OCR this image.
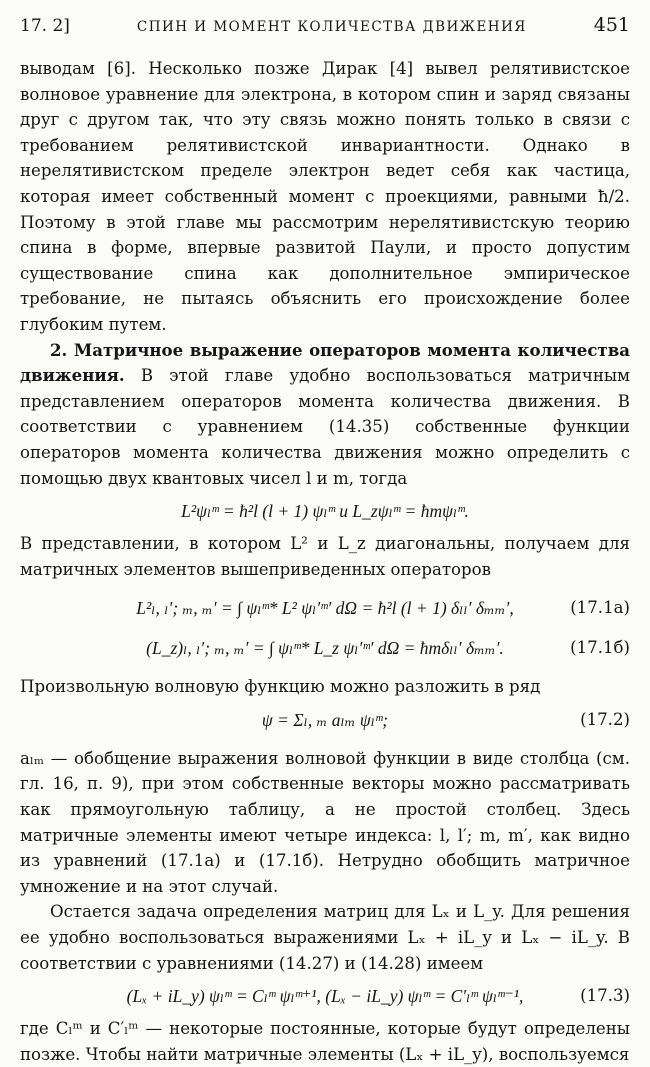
17. 2]	СПИН И МОМЕНТ КОЛИЧЕСТВА ДВИЖЕНИЯ	451

выводам [6]. Несколько позже Дирак [4] вывел релятивистское волновое уравнение для электрона, в котором спин и заряд связаны друг с другом так, что эту связь можно понять только в связи с требованием релятивистской инвариантности. Однако в нерелятивистском пределе электрон ведет себя как частица, которая имеет собственный момент с проекциями, равными ħ/2. Поэтому в этой главе мы рассмотрим нерелятивистскую теорию спина в форме, впервые развитой Паули, и просто допустим существование спина как дополнительное эмпирическое требование, не пытаясь объяснить его происхождение более глубоким путем.

2. Матричное выражение операторов момента количества движения. В этой главе удобно воспользоваться матричным представлением операторов момента количества движения. В соответствии с уравнением (14.35) собственные функции операторов момента количества движения можно определить с помощью двух квантовых чисел l и m, тогда

L²ψₗᵐ = ħ²l (l + 1) ψₗᵐ и L_zψₗᵐ = ħmψₗᵐ.

В представлении, в котором L² и L_z диагональны, получаем для матричных элементов вышеприведенных операторов

L²ₗ, ₗ′; ₘ, ₘ′ = ∫ ψₗᵐ* L² ψₗ′ᵐ′ dΩ = ħ²l (l + 1) δₗₗ′ δₘₘ′,	(17.1а)
(L_z)ₗ, ₗ′; ₘ, ₘ′ = ∫ ψₗᵐ* L_z ψₗ′ᵐ′ dΩ = ħmδₗₗ′ δₘₘ′.	(17.1б)

Произвольную волновую функцию можно разложить в ряд

ψ = Σₗ, ₘ aₗₘ ψₗᵐ;	(17.2)

aₗₘ — обобщение выражения волновой функции в виде столбца (см. гл. 16, п. 9), при этом собственные векторы можно рассматривать как прямоугольную таблицу, а не простой столбец. Здесь матричные элементы имеют четыре индекса: l, l′; m, m′, как видно из уравнений (17.1а) и (17.1б). Нетрудно обобщить матричное умножение и на этот случай.

Остается задача определения матриц для Lₓ и L_y. Для решения ее удобно воспользоваться выражениями Lₓ + iL_y и Lₓ − iL_y. В соответствии с уравнениями (14.27) и (14.28) имеем

(Lₓ + iL_y) ψₗᵐ = Cₗᵐ ψₗᵐ⁺¹, (Lₓ − iL_y) ψₗᵐ = C′ₗᵐ ψₗᵐ⁻¹,	(17.3)

где Cₗᵐ и C′ₗᵐ — некоторые постоянные, которые будут определены позже. Чтобы найти матричные элементы (Lₓ + iL_y), воспользуемся
